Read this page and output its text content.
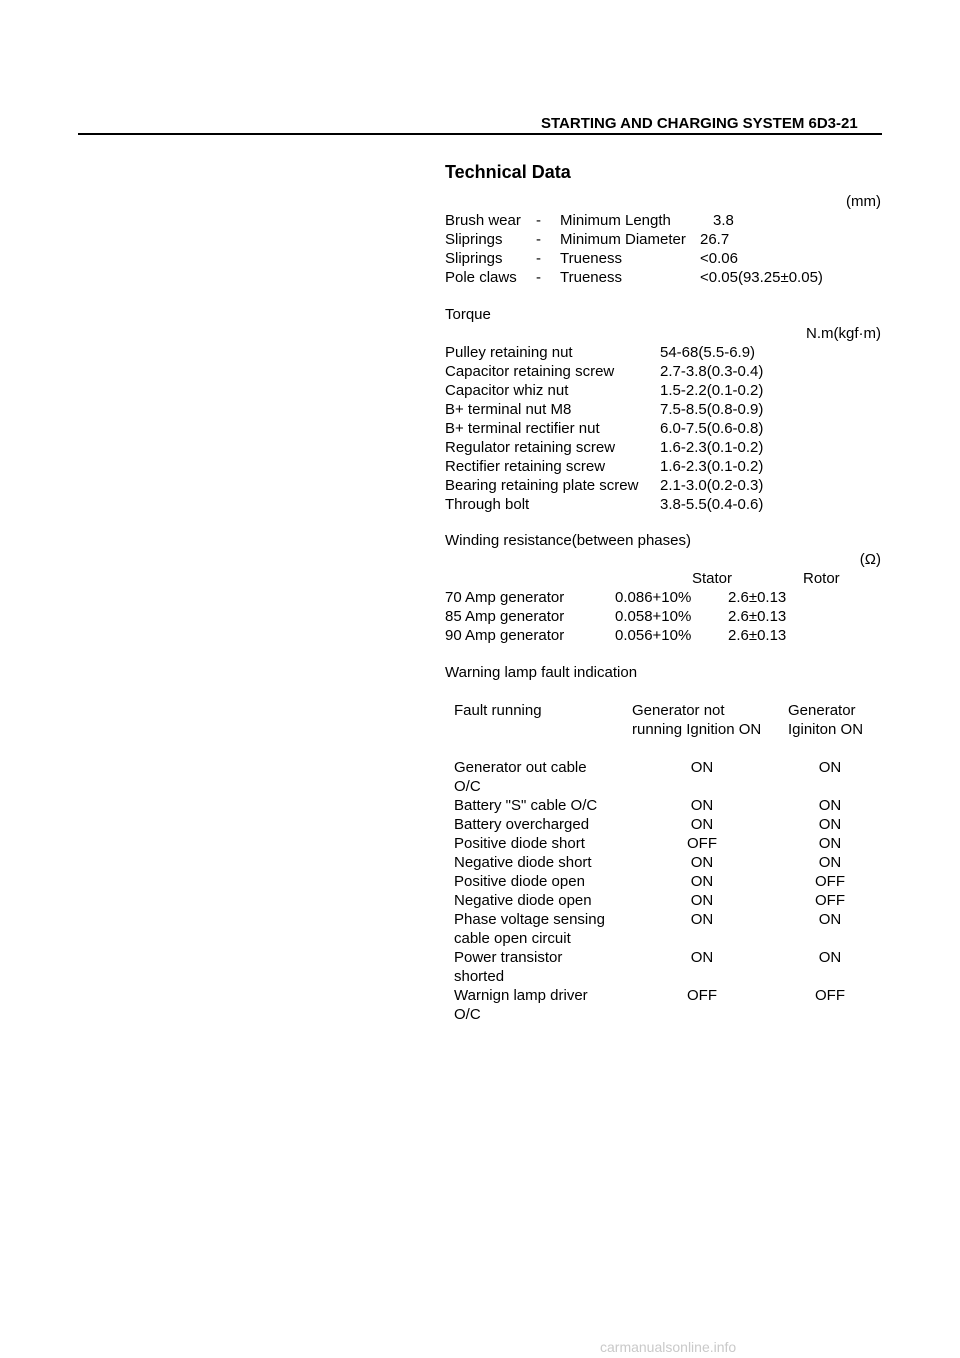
STARTING AND CHARGING SYSTEM 6D3-21
Technical Data
(mm)
Brush wear - Minimum Length	3.8
Sliprings - Minimum Diameter 26.7
Sliprings - Trueness	<0.06
Pole claws - Trueness	<0.05(93.25±0.05)
Torque
N.m(kgf·m)
Pulley retaining nut	54-68(5.5-6.9)
Capacitor retaining screw	2.7-3.8(0.3-0.4)
Capacitor whiz nut	1.5-2.2(0.1-0.2)
B+ terminal nut M8	7.5-8.5(0.8-0.9)
B+ terminal rectifier nut	6.0-7.5(0.6-0.8)
Regulator retaining screw	1.6-2.3(0.1-0.2)
Rectifier retaining screw	1.6-2.3(0.1-0.2)
Bearing retaining plate screw 2.1-3.0(0.2-0.3)
Through bolt	3.8-5.5(0.4-0.6)
Winding resistance(between phases)
(Ω)
Stator	Rotor
70 Amp generator	0.086+10% 2.6±0.13
85 Amp generator	0.058+10% 2.6±0.13
90 Amp generator	0.056+10% 2.6±0.13
Warning lamp fault indication
Fault running	Generator not
running Ignition ON
Generator
Iginiton ON
Generator out cable
O/C
ON	ON
Battery "S" cable O/C	ON	ON
Battery overcharged	ON	ON
Positive diode short	OFF	ON
Negative diode short	ON	ON
Positive diode open	ON	OFF
Negative diode open	ON	OFF
Phase voltage sensing
cable open circuit
ON	ON
Power transistor
shorted
ON	ON
Warnign lamp driver
O/C
OFF	OFF
carmanualsonline.info
